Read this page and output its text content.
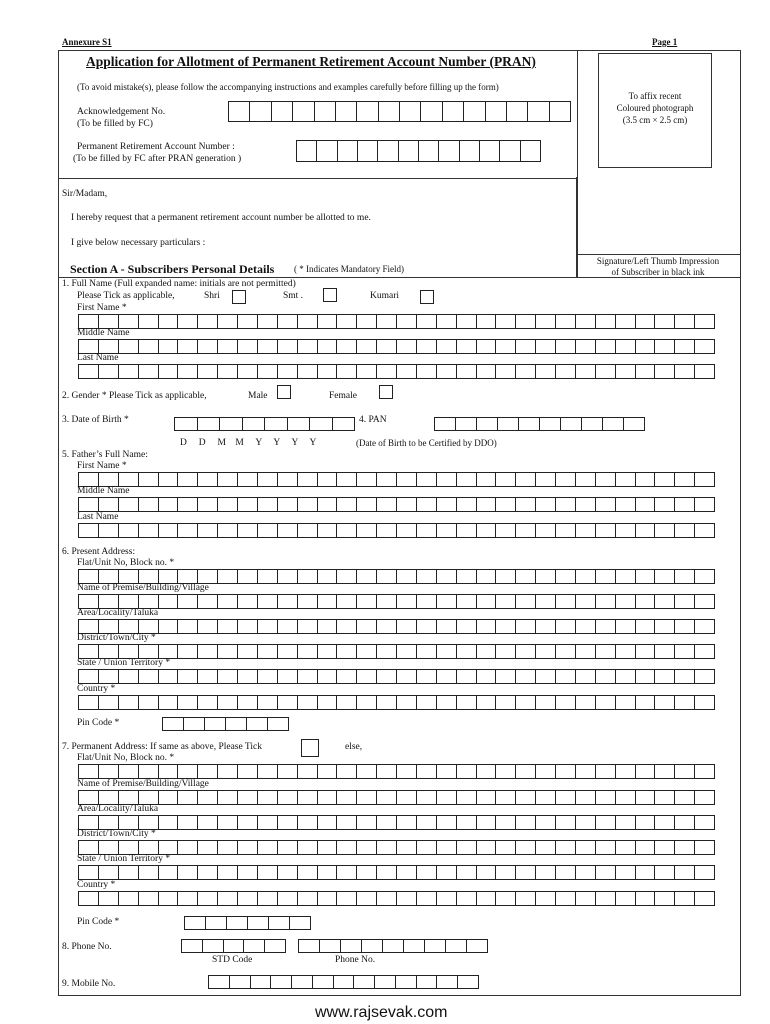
Annexure S1	Page 1
Application for Allotment of Permanent Retirement Account Number (PRAN)
(To avoid mistake(s), please follow the accompanying instructions and examples carefully before filling up the form)
Acknowledgement No.
(To be filled by FC)
Permanent Retirement Account Number :
(To be filled by FC after PRAN generation )
To affix recent
Coloured photograph
(3.5 cm × 2.5 cm)
Sir/Madam,
I hereby request that a permanent retirement account number be allotted to me.
I give below necessary particulars :
Signature/Left Thumb Impression
of Subscriber in black ink
Section A - Subscribers Personal Details ( * Indicates Mandatory Field)
1. Full Name (Full expanded name: initials are not permitted)
Please Tick as applicable,	Shri	Smt .	Kumari
First Name *
Middle Name
Last Name
2. Gender * Please Tick as applicable,	Male	Female
3. Date of Birth *	4. PAN
D     D     M    M     Y     Y     Y     Y	(Date of Birth to be Certified by DDO)
5. Father’s Full Name:
First Name *
Middle Name
Last Name
6. Present Address:
Flat/Unit No, Block no. *
Name of Premise/Building/Village
Area/Locality/Taluka
District/Town/City *
State / Union Territory *
Country *
Pin Code *
7. Permanent Address: If same as above, Please Tick	else,
Flat/Unit No, Block no. *
Name of Premise/Building/Village
Area/Locality/Taluka
District/Town/City *
State / Union Territory *
Country *
Pin Code *
8. Phone No.
STD Code	Phone No.
9. Mobile No.
www.rajsevak.com
